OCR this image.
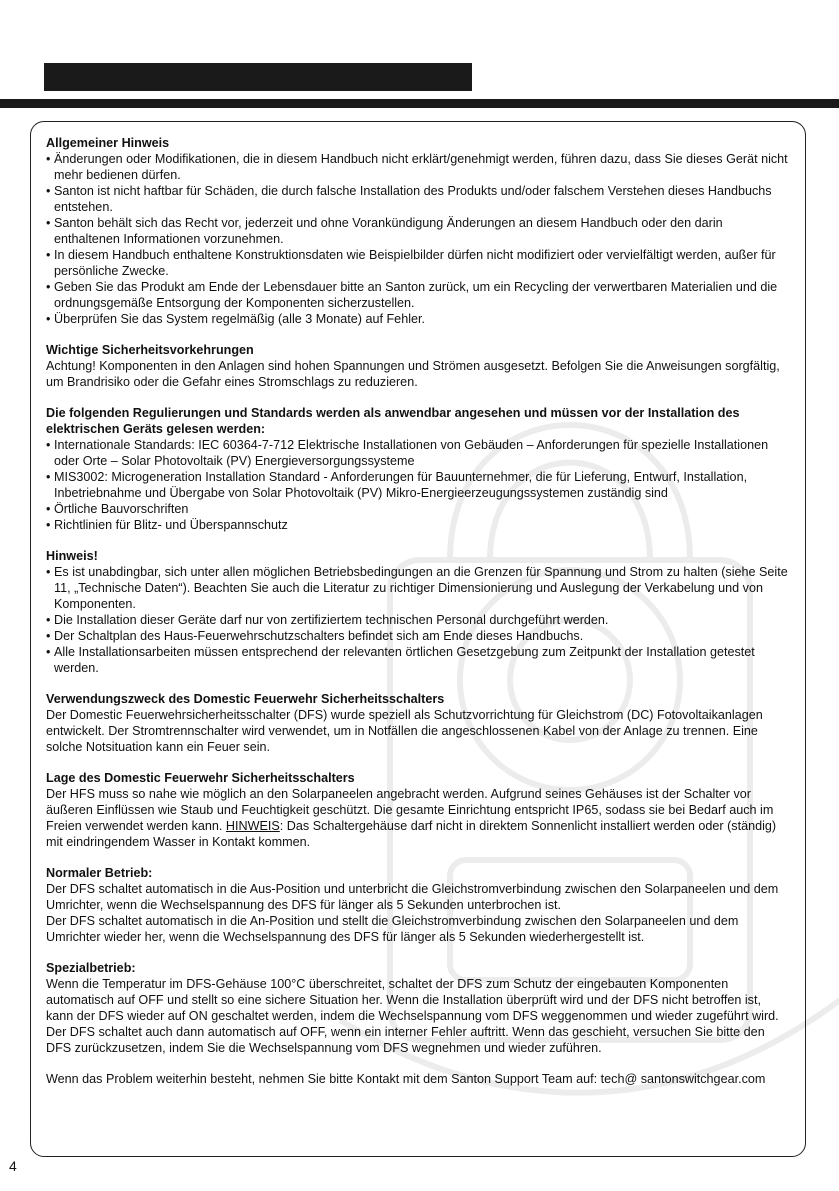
Allgemeiner Hinweis
• Änderungen oder Modifikationen, die in diesem Handbuch nicht erklärt/genehmigt werden, führen dazu, dass Sie dieses Gerät nicht mehr bedienen dürfen.
• Santon ist nicht haftbar für Schäden, die durch falsche Installation des Produkts und/oder falschem Verstehen dieses Handbuchs entstehen.
• Santon behält sich das Recht vor, jederzeit und ohne Vorankündigung Änderungen an diesem Handbuch oder den darin enthaltenen Informationen vorzunehmen.
• In diesem Handbuch enthaltene Konstruktionsdaten wie Beispielbilder dürfen nicht modifiziert oder vervielfältigt werden, außer für persönliche Zwecke.
• Geben Sie das Produkt am Ende der Lebensdauer bitte an Santon zurück, um ein Recycling der verwertbaren Materialien und die ordnungsgemäße Entsorgung der Komponenten sicherzustellen.
• Überprüfen Sie das System regelmäßig (alle 3 Monate) auf Fehler.
Wichtige Sicherheitsvorkehrungen

Achtung! Komponenten in den Anlagen sind hohen Spannungen und Strömen ausgesetzt. Befolgen Sie die Anweisungen sorgfältig, um Brandrisiko oder die Gefahr eines Stromschlags zu reduzieren.

Die folgenden Regulierungen und Standards werden als anwendbar angesehen und müssen vor der Installation des elektrischen Geräts gelesen werden:
• Internationale Standards: IEC 60364-7-712 Elektrische Installationen von Gebäuden – Anforderungen für spezielle Installationen oder Orte – Solar Photovoltaik (PV) Energieversorgungssysteme
• MIS3002: Microgeneration Installation Standard - Anforderungen für Bauunternehmer, die für Lieferung, Entwurf, Installation, Inbetriebnahme und Übergabe von Solar Photovoltaik (PV) Mikro-Energieerzeugungssystemen zuständig sind
• Örtliche Bauvorschriften
• Richtlinien für Blitz- und Überspannschutz
Hinweis!
• Es ist unabdingbar, sich unter allen möglichen Betriebsbedingungen an die Grenzen für Spannung und Strom zu halten (siehe Seite 11, „Technische Daten“). Beachten Sie auch die Literatur zu richtiger Dimensionierung und Auslegung der Verkabelung und von Komponenten.
• Die Installation dieser Geräte darf nur von zertifiziertem technischen Personal durchgeführt werden.
• Der Schaltplan des Haus-Feuerwehrschutzschalters befindet sich am Ende dieses Handbuchs.
• Alle Installationsarbeiten müssen entsprechend der relevanten örtlichen Gesetzgebung zum Zeitpunkt der Installation getestet werden.
Verwendungszweck des Domestic Feuerwehr Sicherheitsschalters

Der Domestic Feuerwehrsicherheitsschalter (DFS) wurde speziell als Schutzvorrichtung für Gleichstrom (DC) Fotovoltaikanlagen entwickelt. Der Stromtrennschalter wird verwendet, um in Notfällen die angeschlossenen Kabel von der Anlage zu trennen. Eine solche Notsituation kann ein Feuer sein.

Lage des Domestic Feuerwehr Sicherheitsschalters

Der HFS muss so nahe wie möglich an den Solarpaneelen angebracht werden. Aufgrund seines Gehäuses ist der Schalter vor äußeren Einflüssen wie Staub und Feuchtigkeit geschützt. Die gesamte Einrichtung entspricht IP65, sodass sie bei Bedarf auch im Freien verwendet werden kann. HINWEIS: Das Schaltergehäuse darf nicht in direktem Sonnenlicht installiert werden oder (ständig) mit eindringendem Wasser in Kontakt kommen.

Normaler Betrieb:

Der DFS schaltet automatisch in die Aus-Position und unterbricht die Gleichstromverbindung zwischen den Solarpaneelen und dem Umrichter, wenn die Wechselspannung des DFS für länger als 5 Sekunden unterbrochen ist.

Der DFS schaltet automatisch in die An-Position und stellt die Gleichstromverbindung zwischen den Solarpaneelen und dem Umrichter wieder her, wenn die Wechselspannung des DFS für länger als 5 Sekunden wiederhergestellt ist.

Spezialbetrieb:

Wenn die Temperatur im DFS-Gehäuse 100°C überschreitet, schaltet der DFS zum Schutz der eingebauten Komponenten automatisch auf OFF und stellt so eine sichere Situation her. Wenn die Installation überprüft wird und der DFS nicht betroffen ist, kann der DFS wieder auf ON geschaltet werden, indem die Wechselspannung vom DFS weggenommen und wieder zugeführt wird.

Der DFS schaltet auch dann automatisch auf OFF, wenn ein interner Fehler auftritt. Wenn das geschieht, versuchen Sie bitte den DFS zurückzusetzen, indem Sie die Wechselspannung vom DFS wegnehmen und wieder zuführen.

Wenn das Problem weiterhin besteht, nehmen Sie bitte Kontakt mit dem Santon Support Team auf: tech@ santonswitchgear.com

4
